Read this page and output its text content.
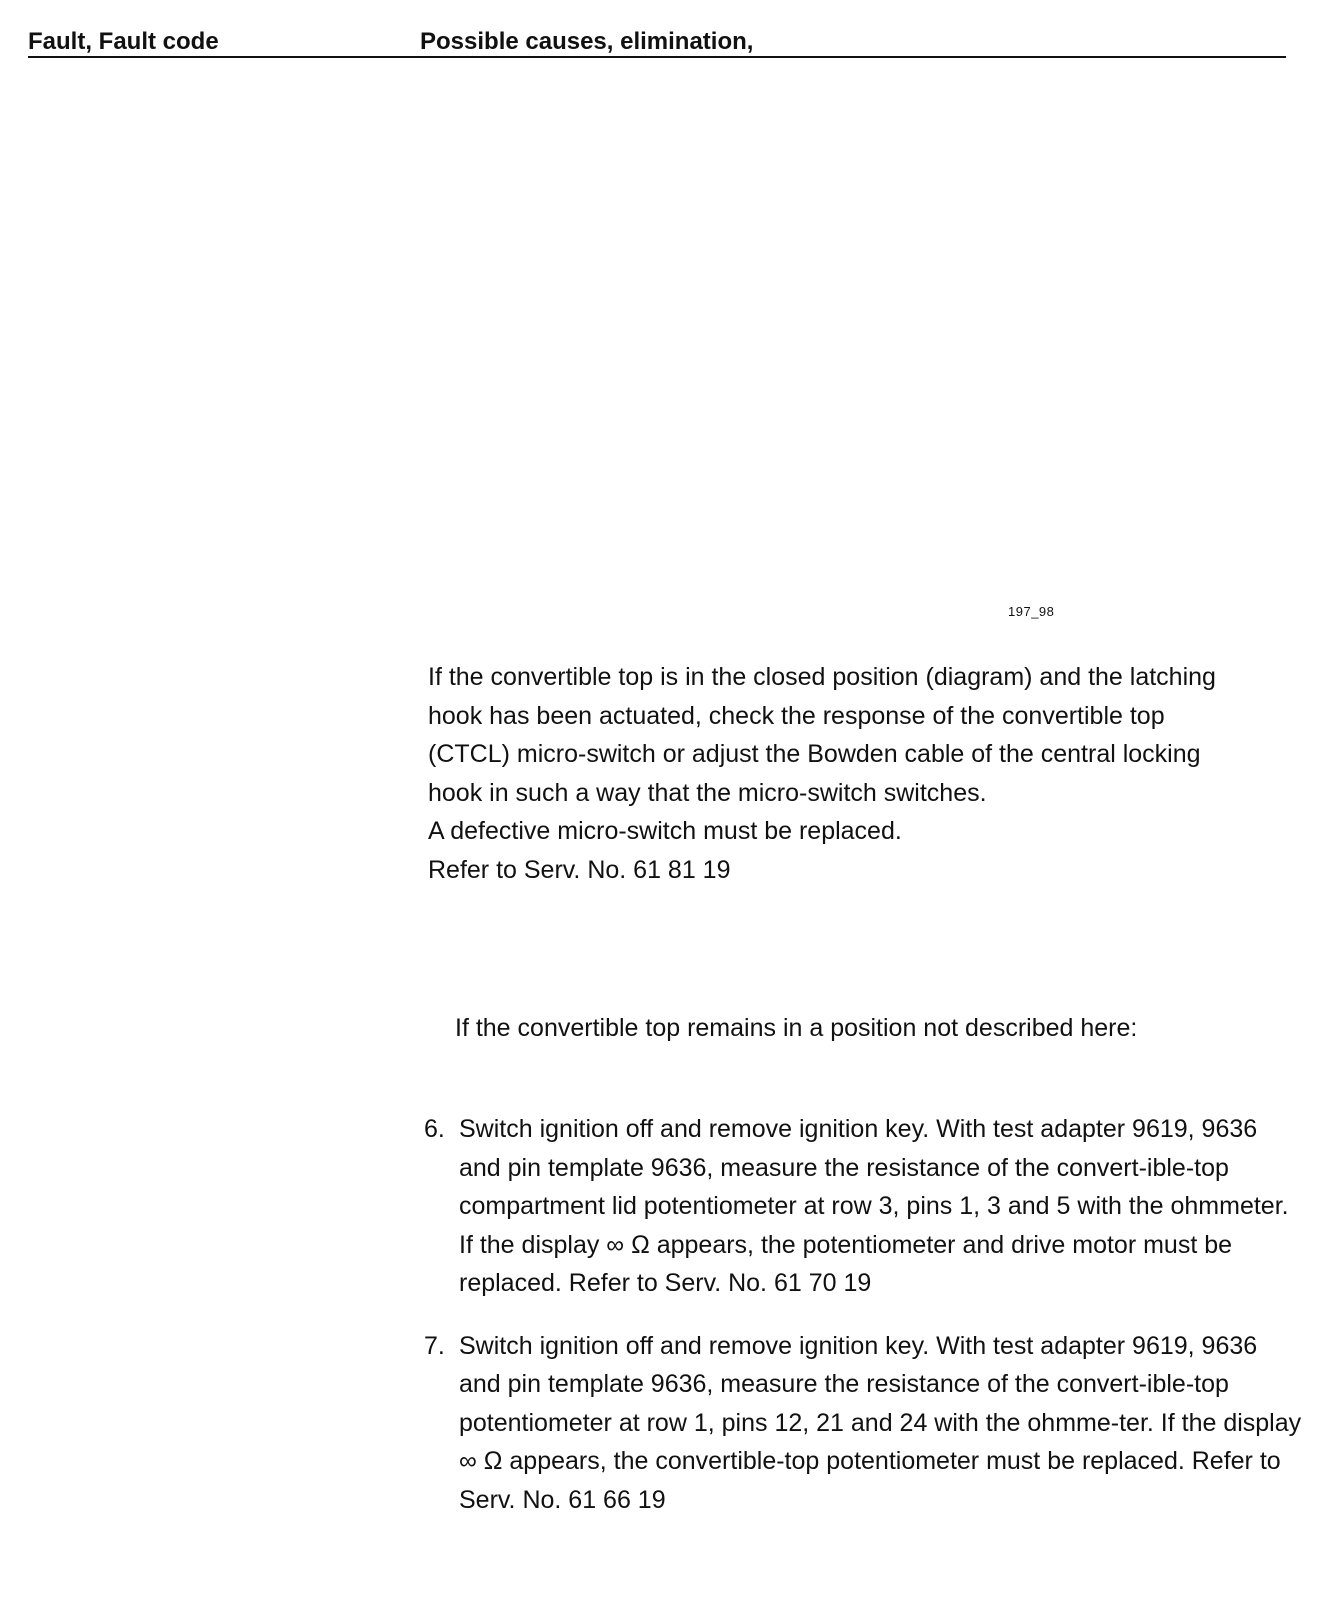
Fault, Fault code	Possible causes, elimination,
197_98

If the convertible top is in the closed position (diagram) and the latching

hook has been actuated, check the response of the convertible top

(CTCL) micro-switch or adjust the Bowden cable of the central locking

hook in such a way that the micro-switch switches.

A defective micro-switch must be replaced.

Refer to Serv. No. 61 81 19

If the convertible top remains in a position not described here:
6. Switch ignition off and remove ignition key. With test adapter 9619, 9636 and pin template 9636, measure the resistance of the convert-ible-top compartment lid potentiometer at row 3, pins 1, 3 and 5 with the ohmmeter. If the display ∞ Ω appears, the potentiometer and drive motor must be replaced. Refer to Serv. No. 61 70 19
7. Switch ignition off and remove ignition key. With test adapter 9619, 9636 and pin template 9636, measure the resistance of the convert-ible-top potentiometer at row 1, pins 12, 21 and 24 with the ohmme-ter. If the display ∞ Ω appears, the convertible-top potentiometer must be replaced. Refer to Serv. No. 61 66 19
